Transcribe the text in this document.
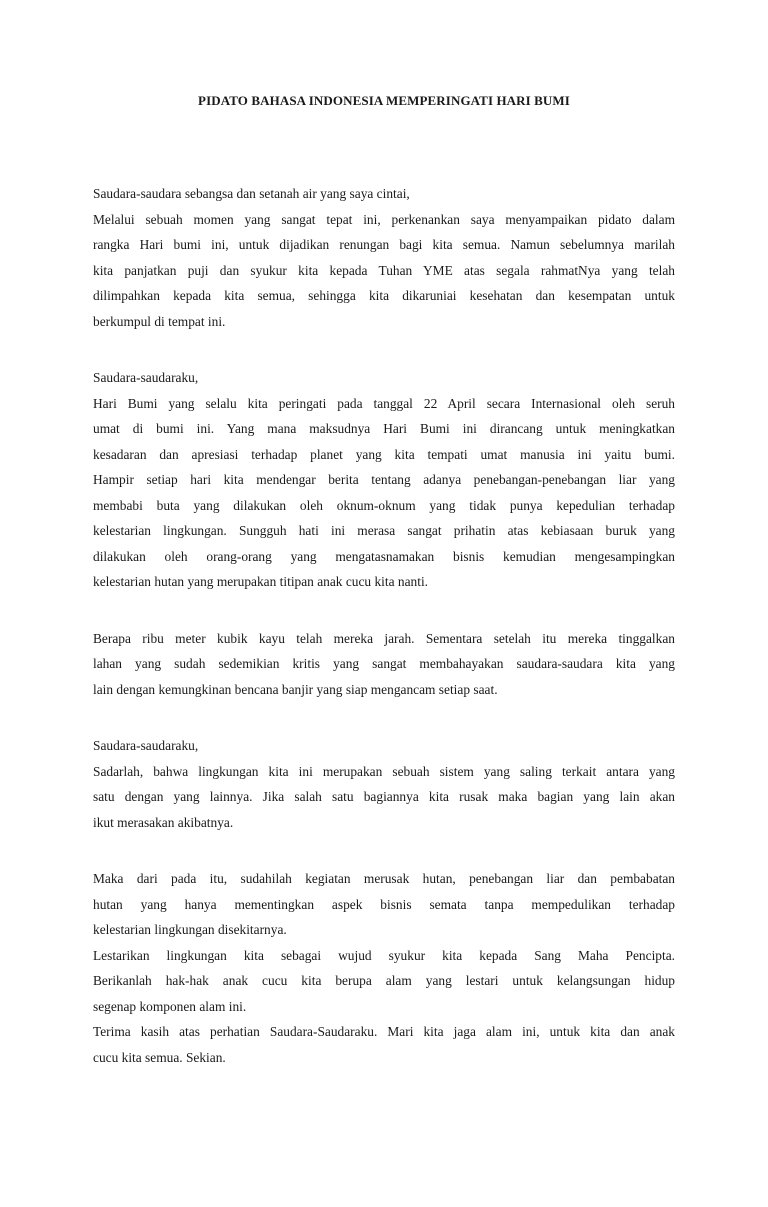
PIDATO BAHASA INDONESIA MEMPERINGATI HARI BUMI
Saudara-saudara sebangsa dan setanah air yang saya cintai,
Melalui sebuah momen yang sangat tepat ini, perkenankan saya menyampaikan pidato dalam
rangka Hari bumi ini, untuk dijadikan renungan bagi kita semua. Namun sebelumnya marilah
kita panjatkan puji dan syukur kita kepada Tuhan YME atas segala rahmatNya yang telah
dilimpahkan kepada kita semua, sehingga kita dikaruniai kesehatan dan kesempatan untuk
berkumpul di tempat ini.
Saudara-saudaraku,
Hari Bumi yang selalu kita peringati pada tanggal 22 April secara Internasional oleh seruh
umat di bumi ini. Yang mana maksudnya Hari Bumi ini dirancang untuk meningkatkan
kesadaran dan apresiasi terhadap planet yang kita tempati umat manusia ini yaitu bumi.
Hampir setiap hari kita mendengar berita tentang adanya penebangan-penebangan liar yang
membabi buta yang dilakukan oleh oknum-oknum yang tidak punya kepedulian terhadap
kelestarian lingkungan. Sungguh hati ini merasa sangat prihatin atas kebiasaan buruk yang
dilakukan oleh orang-orang yang mengatasnamakan bisnis kemudian mengesampingkan
kelestarian hutan yang merupakan titipan anak cucu kita nanti.
Berapa ribu meter kubik kayu telah mereka jarah. Sementara setelah itu mereka tinggalkan
lahan yang sudah sedemikian kritis yang sangat membahayakan saudara-saudara kita yang
lain dengan kemungkinan bencana banjir yang siap mengancam setiap saat.
Saudara-saudaraku,
Sadarlah, bahwa lingkungan kita ini merupakan sebuah sistem yang saling terkait antara yang
satu dengan yang lainnya. Jika salah satu bagiannya kita rusak maka bagian yang lain akan
ikut merasakan akibatnya.
Maka dari pada itu, sudahilah kegiatan merusak hutan, penebangan liar dan pembabatan
hutan yang hanya mementingkan aspek bisnis semata tanpa mempedulikan terhadap
kelestarian lingkungan disekitarnya.
Lestarikan lingkungan kita sebagai wujud syukur kita kepada Sang Maha Pencipta.
Berikanlah hak-hak anak cucu kita berupa alam yang lestari untuk kelangsungan hidup
segenap komponen alam ini.
Terima kasih atas perhatian Saudara-Saudaraku. Mari kita jaga alam ini, untuk kita dan anak
cucu kita semua. Sekian.
